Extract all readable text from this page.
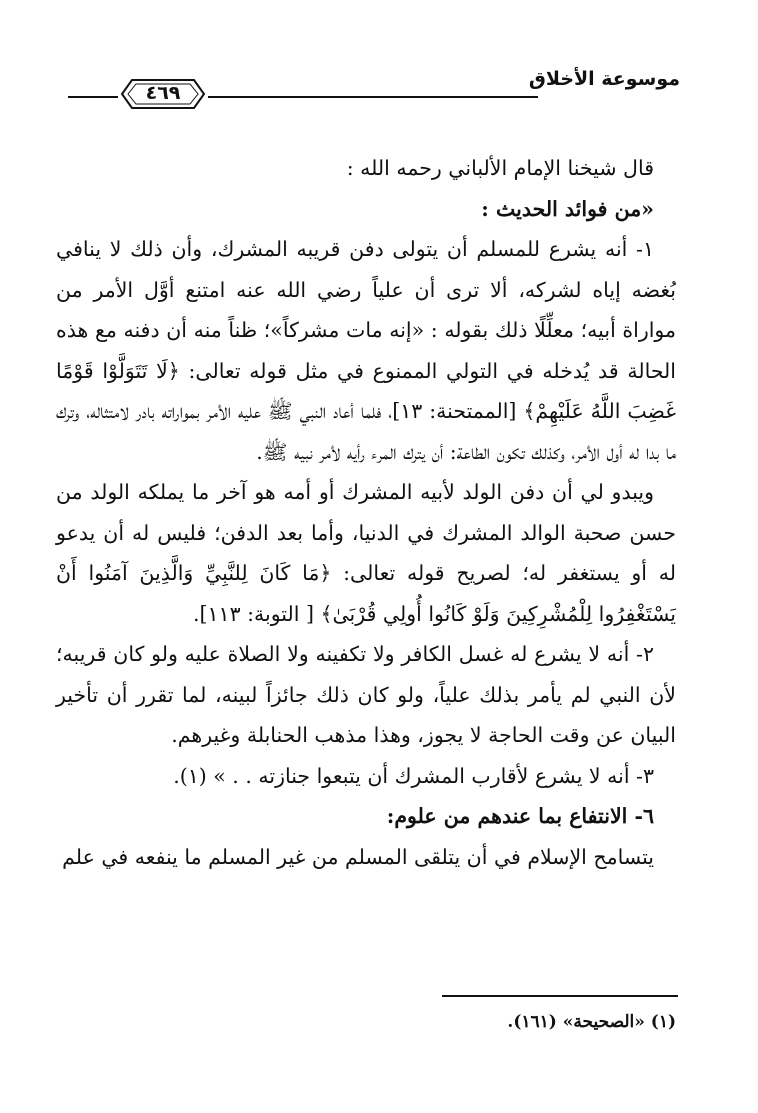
موسوعة الأخلاق
٤٦٩

قال شيخنا الإمام الألباني رحمه الله :

«من فوائد الحديث :

١- أنه يشرع للمسلم أن يتولى دفن قريبه المشرك، وأن ذلك لا ينافي بُغضه إياه لشركه، ألا ترى أن علياً رضي الله عنه امتنع أوَّل الأمر من مواراة أبيه؛ معلِّلًا ذلك بقوله : «إنه مات مشركاً»؛ ظناً منه أن دفنه مع هذه الحالة قد يُدخله في التولي الممنوع في مثل قوله تعالى: ﴿لَا تَتَوَلَّوْا قَوْمًا غَضِبَ اللَّهُ عَلَيْهِمْ﴾ [الممتحنة: ١٣]، فلما أعاد النبي ﷺ عليه الأمر بمواراته بادر لامتثاله، وترك ما بدا له أول الأمر، وكذلك تكون الطاعة: أن يترك المرء رأيه لأمر نبيه ﷺ.

ويبدو لي أن دفن الولد لأبيه المشرك أو أمه هو آخر ما يملكه الولد من حسن صحبة الوالد المشرك في الدنيا، وأما بعد الدفن؛ فليس له أن يدعو له أو يستغفر له؛ لصريح قوله تعالى: ﴿مَا كَانَ لِلنَّبِيِّ وَالَّذِينَ آمَنُوا أَنْ يَسْتَغْفِرُوا لِلْمُشْرِكِينَ وَلَوْ كَانُوا أُولِي قُرْبَىٰ﴾ [ التوبة: ١١٣].

٢- أنه لا يشرع له غسل الكافر ولا تكفينه ولا الصلاة عليه ولو كان قريبه؛ لأن النبي لم يأمر بذلك علياً، ولو كان ذلك جائزاً لبينه، لما تقرر أن تأخير البيان عن وقت الحاجة لا يجوز، وهذا مذهب الحنابلة وغيرهم.

٣- أنه لا يشرع لأقارب المشرك أن يتبعوا جنازته . . » (١).

٦- الانتفاع بما عندهم من علوم:

يتسامح الإسلام في أن يتلقى المسلم من غير المسلم ما ينفعه في علم

(١) «الصحيحة» (١٦١).
